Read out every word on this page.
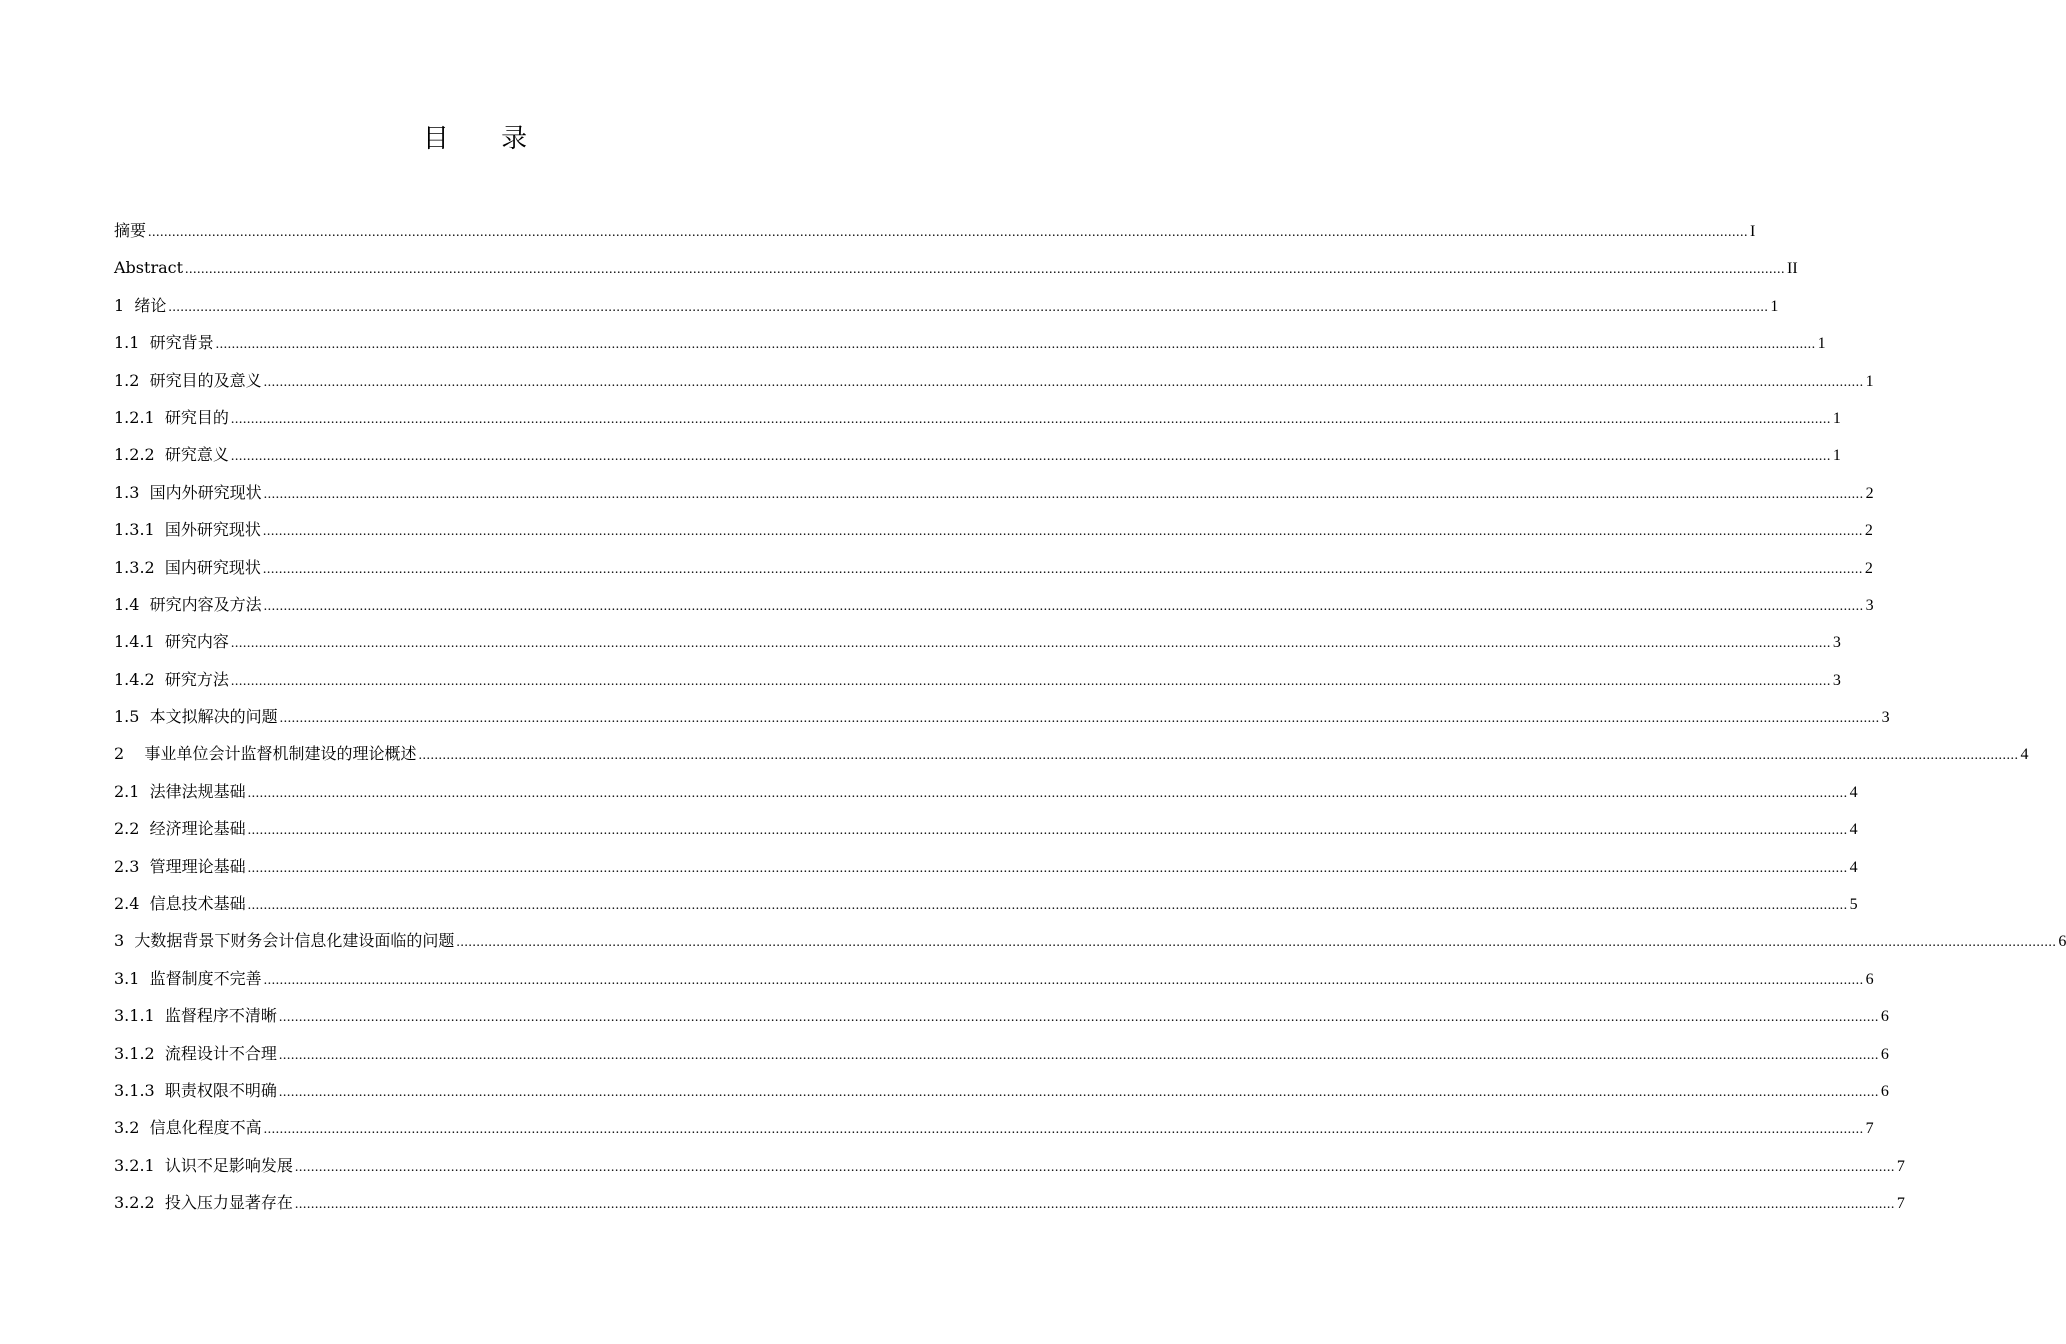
目 录
摘要 ................................................................................................................................................................................................................................................................................................................................................................................................................ I
Abstract ................................................................................................................................................................................................................................................................................................................................................................................................................ II
1  绪论 ................................................................................................................................................................................................................................................................................................................................................................................................................ 1
1.1  研究背景 ................................................................................................................................................................................................................................................................................................................................................................................................................ 1
1.2  研究目的及意义 ................................................................................................................................................................................................................................................................................................................................................................................................................ 1
1.2.1  研究目的 ................................................................................................................................................................................................................................................................................................................................................................................................................ 1
1.2.2  研究意义 ................................................................................................................................................................................................................................................................................................................................................................................................................ 1
1.3  国内外研究现状 ................................................................................................................................................................................................................................................................................................................................................................................................................ 2
1.3.1  国外研究现状 ................................................................................................................................................................................................................................................................................................................................................................................................................ 2
1.3.2  国内研究现状 ................................................................................................................................................................................................................................................................................................................................................................................................................ 2
1.4  研究内容及方法 ................................................................................................................................................................................................................................................................................................................................................................................................................ 3
1.4.1  研究内容 ................................................................................................................................................................................................................................................................................................................................................................................................................ 3
1.4.2  研究方法 ................................................................................................................................................................................................................................................................................................................................................................................................................ 3
1.5  本文拟解决的问题 ................................................................................................................................................................................................................................................................................................................................................................................................................ 3
2    事业单位会计监督机制建设的理论概述 ................................................................................................................................................................................................................................................................................................................................................................................................................ 4
2.1  法律法规基础 ................................................................................................................................................................................................................................................................................................................................................................................................................ 4
2.2  经济理论基础 ................................................................................................................................................................................................................................................................................................................................................................................................................ 4
2.3  管理理论基础 ................................................................................................................................................................................................................................................................................................................................................................................................................ 4
2.4  信息技术基础 ................................................................................................................................................................................................................................................................................................................................................................................................................ 5
3  大数据背景下财务会计信息化建设面临的问题 ................................................................................................................................................................................................................................................................................................................................................................................................................ 6
3.1  监督制度不完善 ................................................................................................................................................................................................................................................................................................................................................................................................................ 6
3.1.1  监督程序不清晰 ................................................................................................................................................................................................................................................................................................................................................................................................................ 6
3.1.2  流程设计不合理 ................................................................................................................................................................................................................................................................................................................................................................................................................ 6
3.1.3  职责权限不明确 ................................................................................................................................................................................................................................................................................................................................................................................................................ 6
3.2  信息化程度不高 ................................................................................................................................................................................................................................................................................................................................................................................................................ 7
3.2.1  认识不足影响发展 ................................................................................................................................................................................................................................................................................................................................................................................................................ 7
3.2.2  投入压力显著存在 ................................................................................................................................................................................................................................................................................................................................................................................................................ 7
